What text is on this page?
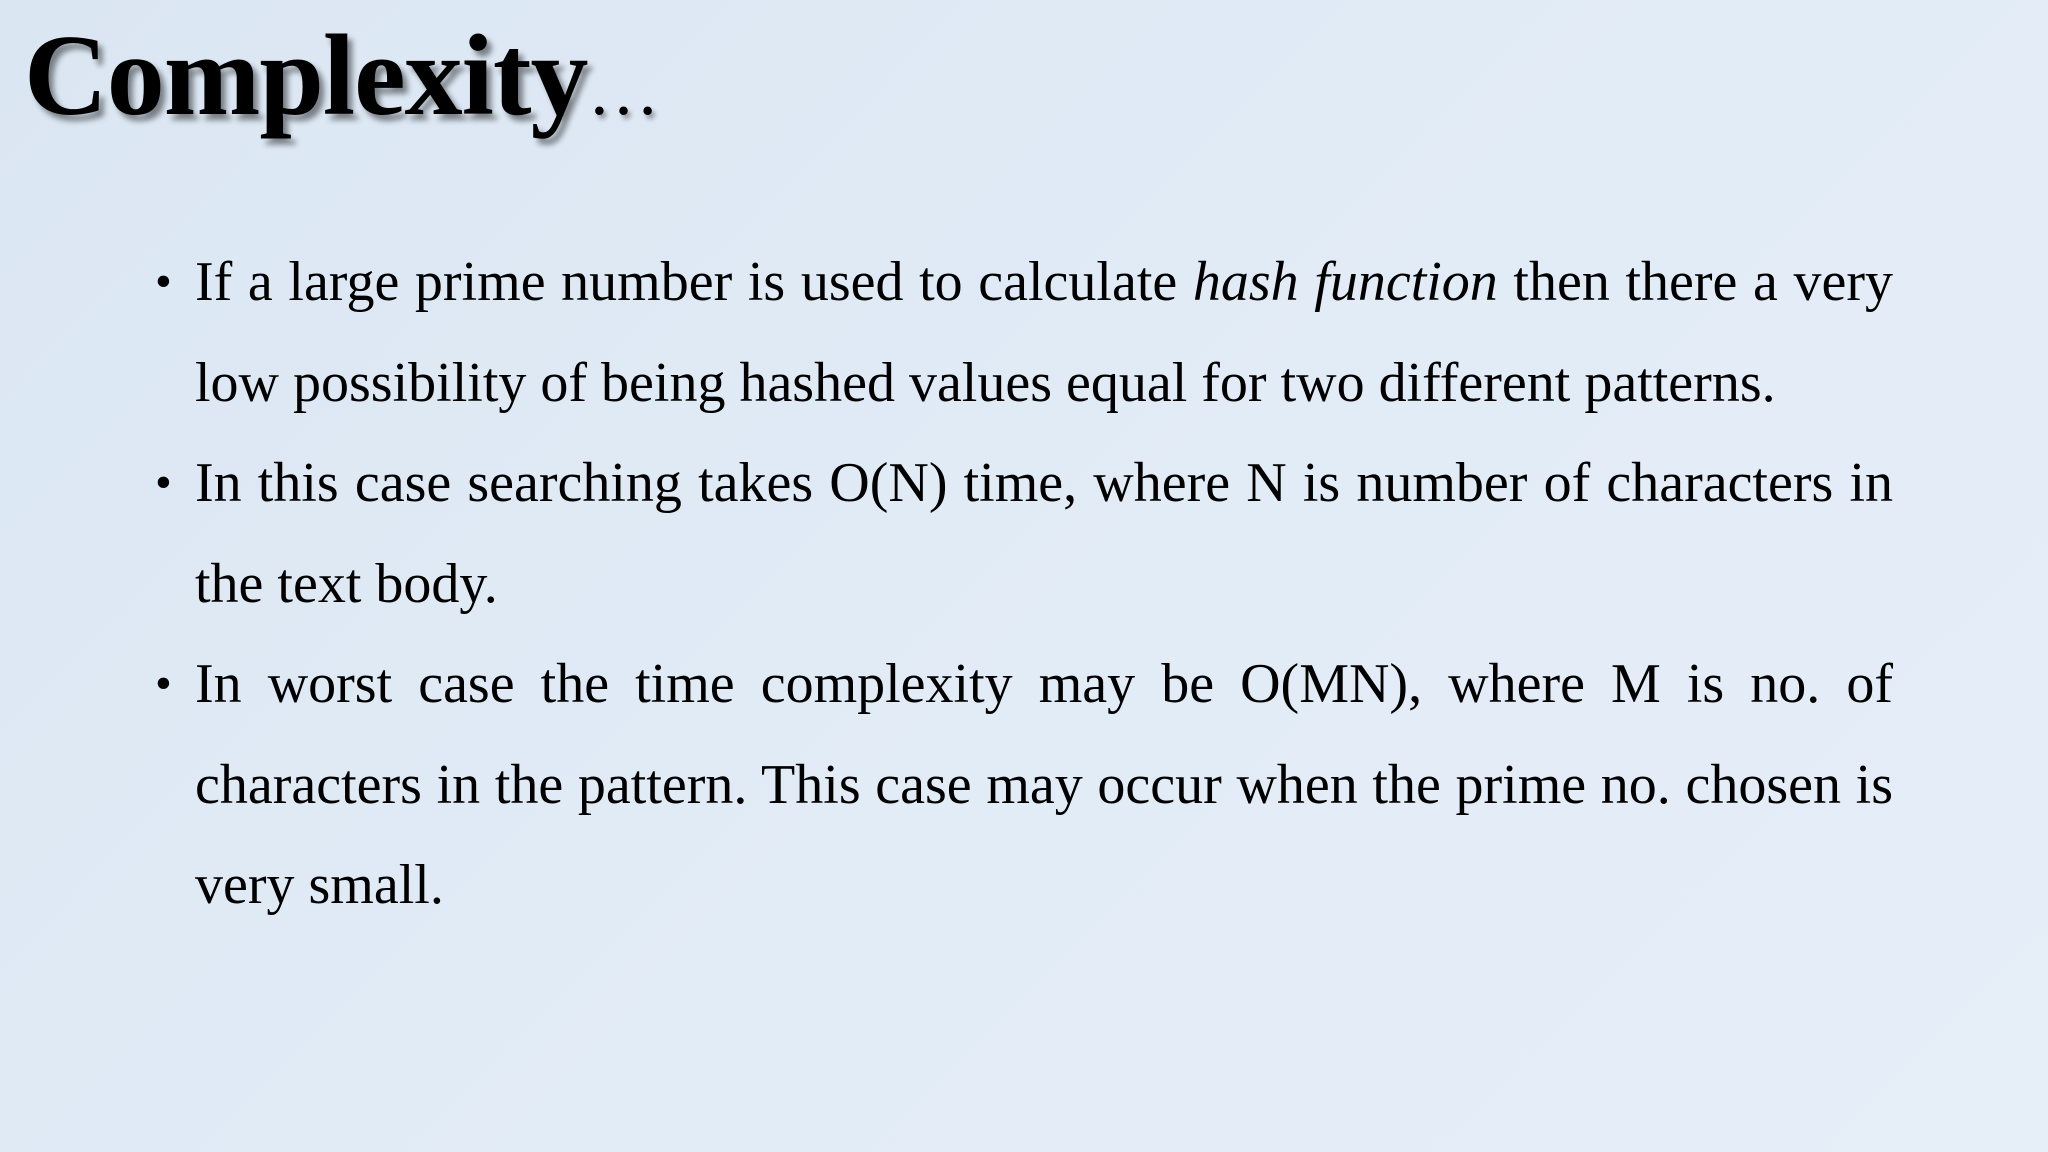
Complexity…
• If a large prime number is used to calculate hash function then there a very low possibility of being hashed values equal for two different patterns.
• In this case searching takes O(N) time, where N is number of characters in the text body.
• In worst case the time complexity may be O(MN), where M is no. of characters in the pattern. This case may occur when the prime no. chosen is very small.
